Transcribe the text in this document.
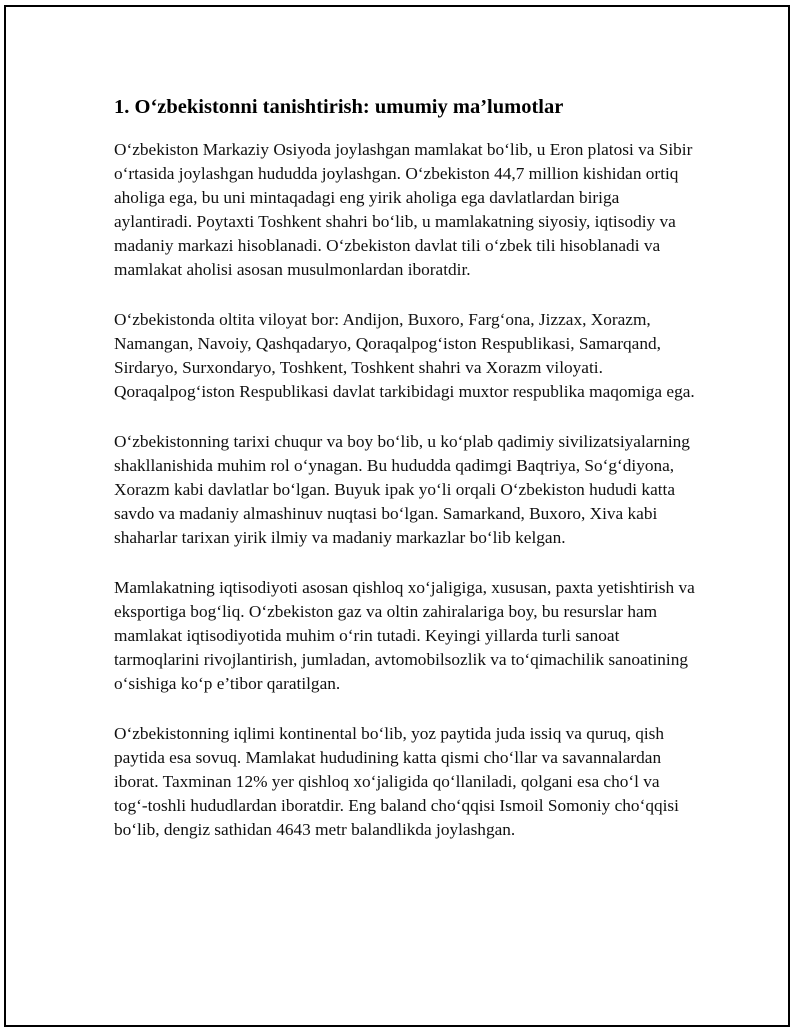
1. O‘zbekistonni tanishtirish: umumiy ma’lumotlar

O‘zbekiston Markaziy Osiyoda joylashgan mamlakat bo‘lib, u Eron platosi va Sibir o‘rtasida joylashgan hududda joylashgan. O‘zbekiston 44,7 million kishidan ortiq aholiga ega, bu uni mintaqadagi eng yirik aholiga ega davlatlardan biriga aylantiradi. Poytaxti Toshkent shahri bo‘lib, u mamlakatning siyosiy, iqtisodiy va madaniy markazi hisoblanadi. O‘zbekiston davlat tili o‘zbek tili hisoblanadi va mamlakat aholisi asosan musulmonlardan iboratdir.

O‘zbekistonda oltita viloyat bor: Andijon, Buxoro, Farg‘ona, Jizzax, Xorazm, Namangan, Navoiy, Qashqadaryo, Qoraqalpog‘iston Respublikasi, Samarqand, Sirdaryo, Surxondaryo, Toshkent, Toshkent shahri va Xorazm viloyati. Qoraqalpog‘iston Respublikasi davlat tarkibidagi muxtor respublika maqomiga ega.

O‘zbekistonning tarixi chuqur va boy bo‘lib, u ko‘plab qadimiy sivilizatsiyalarning shakllanishida muhim rol o‘ynagan. Bu hududda qadimgi Baqtriya, So‘g‘diyona, Xorazm kabi davlatlar bo‘lgan. Buyuk ipak yo‘li orqali O‘zbekiston hududi katta savdo va madaniy almashinuv nuqtasi bo‘lgan. Samarkand, Buxoro, Xiva kabi shaharlar tarixan yirik ilmiy va madaniy markazlar bo‘lib kelgan.

Mamlakatning iqtisodiyoti asosan qishloq xo‘jaligiga, xususan, paxta yetishtirish va eksportiga bog‘liq. O‘zbekiston gaz va oltin zahiralariga boy, bu resurslar ham mamlakat iqtisodiyotida muhim o‘rin tutadi. Keyingi yillarda turli sanoat tarmoqlarini rivojlantirish, jumladan, avtomobilsozlik va to‘qimachilik sanoatining o‘sishiga ko‘p e’tibor qaratilgan.

O‘zbekistonning iqlimi kontinental bo‘lib, yoz paytida juda issiq va quruq, qish paytida esa sovuq. Mamlakat hududining katta qismi cho‘llar va savannalardan iborat. Taxminan 12% yer qishloq xo‘jaligida qo‘llaniladi, qolgani esa cho‘l va tog‘-toshli hududlardan iboratdir. Eng baland cho‘qqisi Ismoil Somoniy cho‘qqisi bo‘lib, dengiz sathidan 4643 metr balandlikda joylashgan.
